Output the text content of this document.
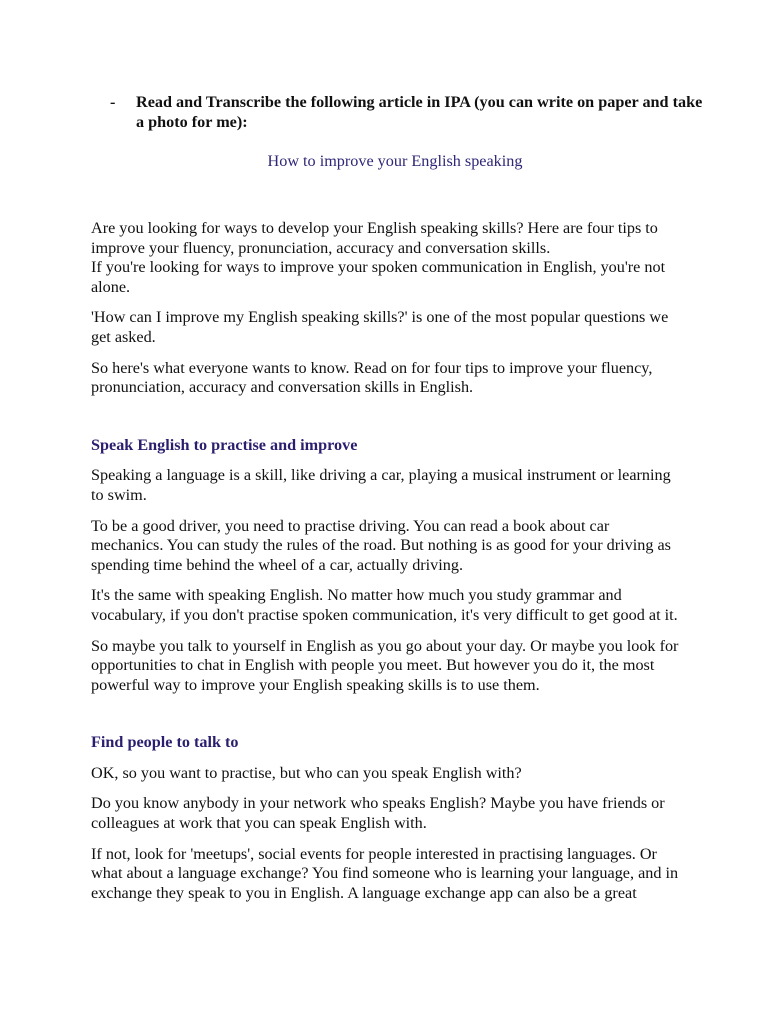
-	Read and Transcribe the following article in IPA (you can write on paper and take a photo for me):
How to improve your English speaking

Are you looking for ways to develop your English speaking skills? Here are four tips to improve your fluency, pronunciation, accuracy and conversation skills.

If you're looking for ways to improve your spoken communication in English, you're not alone.

'How can I improve my English speaking skills?' is one of the most popular questions we get asked.

So here's what everyone wants to know. Read on for four tips to improve your fluency, pronunciation, accuracy and conversation skills in English.

Speak English to practise and improve

Speaking a language is a skill, like driving a car, playing a musical instrument or learning to swim.

To be a good driver, you need to practise driving. You can read a book about car mechanics. You can study the rules of the road. But nothing is as good for your driving as spending time behind the wheel of a car, actually driving.

It's the same with speaking English. No matter how much you study grammar and vocabulary, if you don't practise spoken communication, it's very difficult to get good at it.

So maybe you talk to yourself in English as you go about your day. Or maybe you look for opportunities to chat in English with people you meet. But however you do it, the most powerful way to improve your English speaking skills is to use them.

Find people to talk to

OK, so you want to practise, but who can you speak English with?

Do you know anybody in your network who speaks English? Maybe you have friends or colleagues at work that you can speak English with.

If not, look for 'meetups', social events for people interested in practising languages. Or what about a language exchange? You find someone who is learning your language, and in exchange they speak to you in English. A language exchange app can also be a great
